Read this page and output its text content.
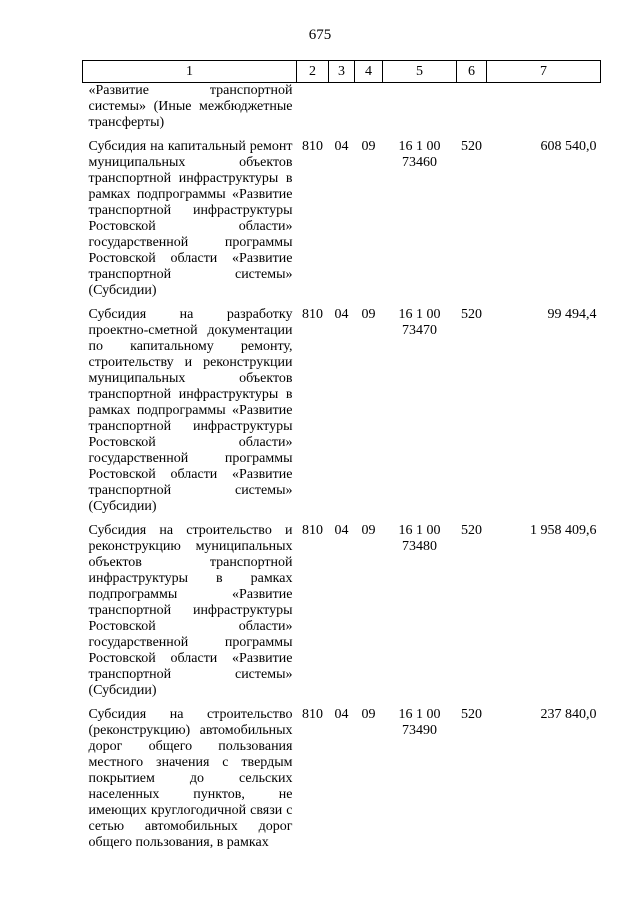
675
1	2	3	4	5	6	7
«Развитие транспортной системы» (Иные межбюджетные трансферты)						

Субсидия на капитальный ремонт муниципальных объектов транспортной инфраструктуры в рамках подпрограммы «Развитие транспортной инфраструктуры Ростовской области» государственной программы Ростовской области «Развитие транспортной системы» (Субсидии)	810	04	09	16 1 00 73460	520	608 540,0

Субсидия на разработку проектно-сметной документации по капитальному ремонту, строительству и реконструкции муниципальных объектов транспортной инфраструктуры в рамках подпрограммы «Развитие транспортной инфраструктуры Ростовской области» государственной программы Ростовской области «Развитие транспортной системы» (Субсидии)	810	04	09	16 1 00 73470	520	99 494,4

Субсидия на строительство и реконструкцию муниципальных объектов транспортной инфраструктуры в рамках подпрограммы «Развитие транспортной инфраструктуры Ростовской области» государственной программы Ростовской области «Развитие транспортной системы» (Субсидии)	810	04	09	16 1 00 73480	520	1 958 409,6

Субсидия на строительство (реконструкцию) автомобильных дорог общего пользования местного значения с твердым покрытием до сельских населенных пунктов, не имеющих круглогодичной связи с сетью автомобильных дорог общего пользования, в рамках	810	04	09	16 1 00 73490	520	237 840,0
